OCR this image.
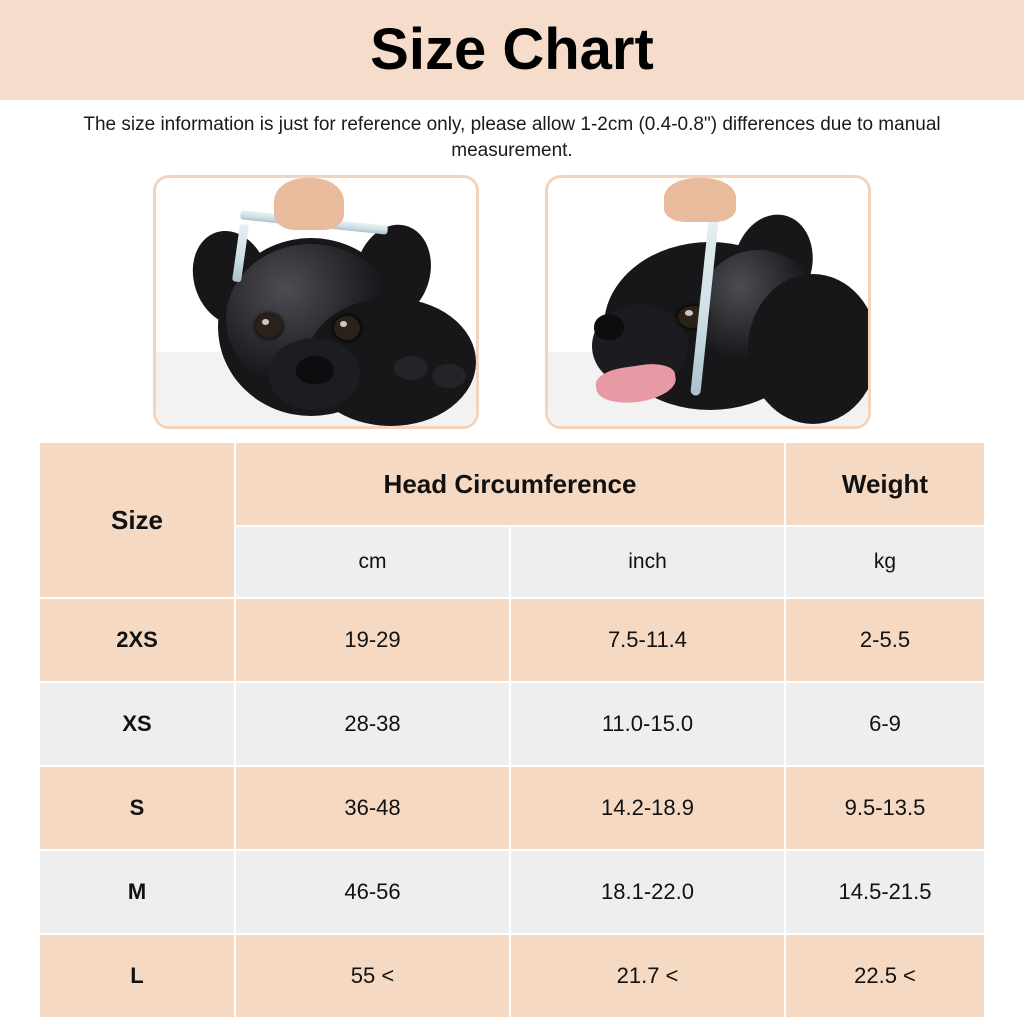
Size Chart
The size information is just for reference only, please allow 1-2cm (0.4-0.8") differences due to manual measurement.
Size	Head Circumference		Weight
	cm	inch	kg
2XS	19-29	7.5-11.4	2-5.5
XS	28-38	11.0-15.0	6-9
S	36-48	14.2-18.9	9.5-13.5
M	46-56	18.1-22.0	14.5-21.5
L	55 <	21.7 <	22.5 <
